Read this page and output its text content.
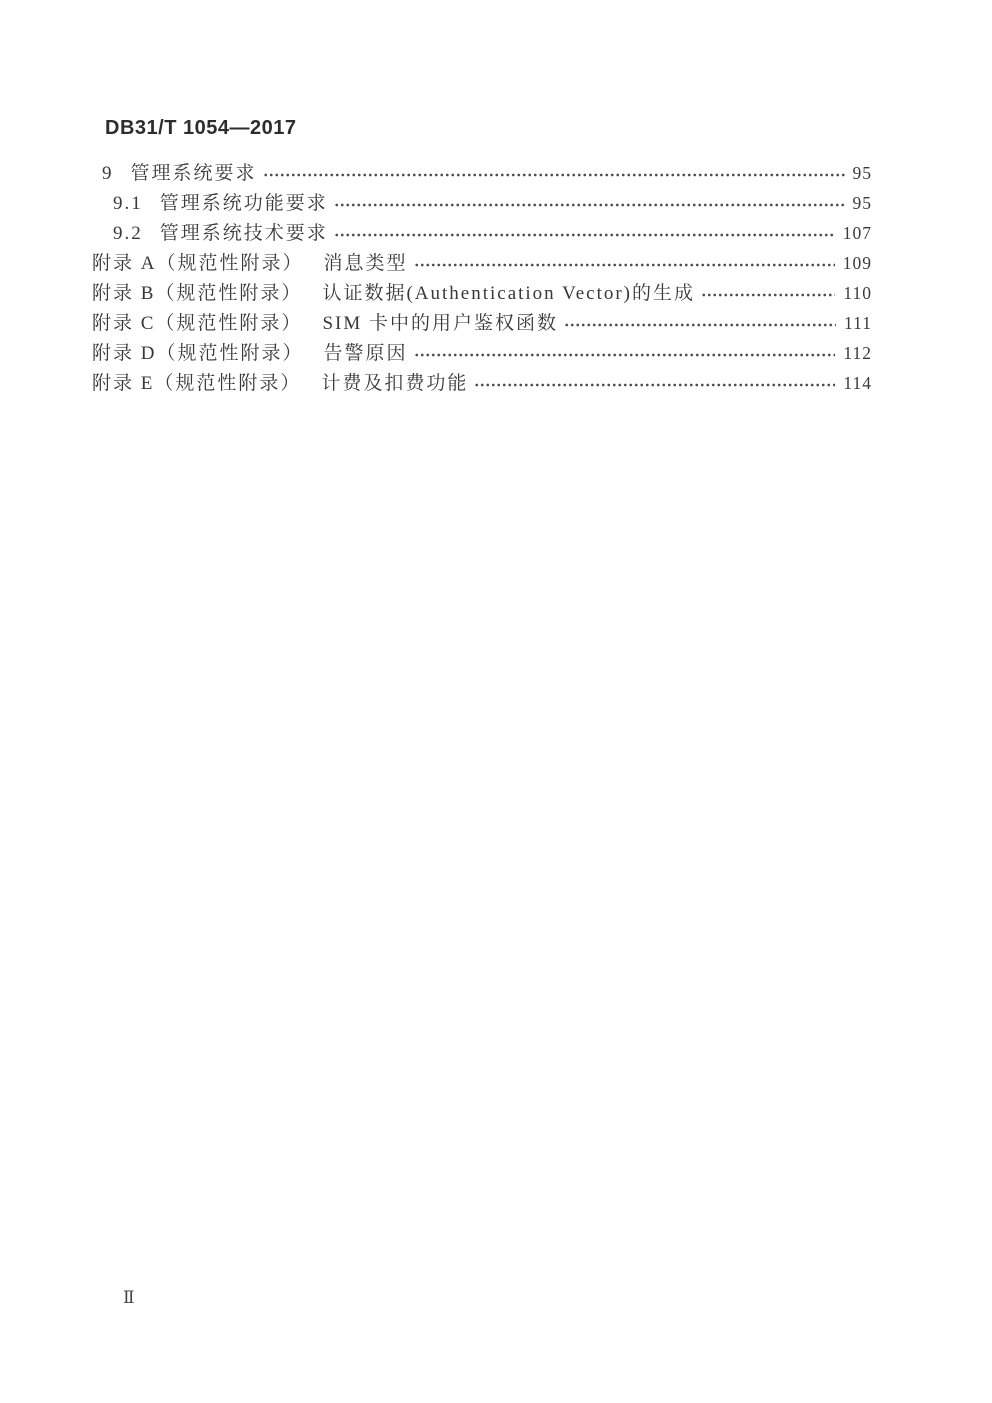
DB31/T 1054—2017
9 管理系统要求	95
9.1 管理系统功能要求	95
9.2 管理系统技术要求	107
附录 A（规范性附录） 消息类型	109
附录 B（规范性附录） 认证数据(Authentication Vector)的生成	110
附录 C（规范性附录） SIM 卡中的用户鉴权函数	111
附录 D（规范性附录） 告警原因	112
附录 E（规范性附录） 计费及扣费功能	114
Ⅱ
